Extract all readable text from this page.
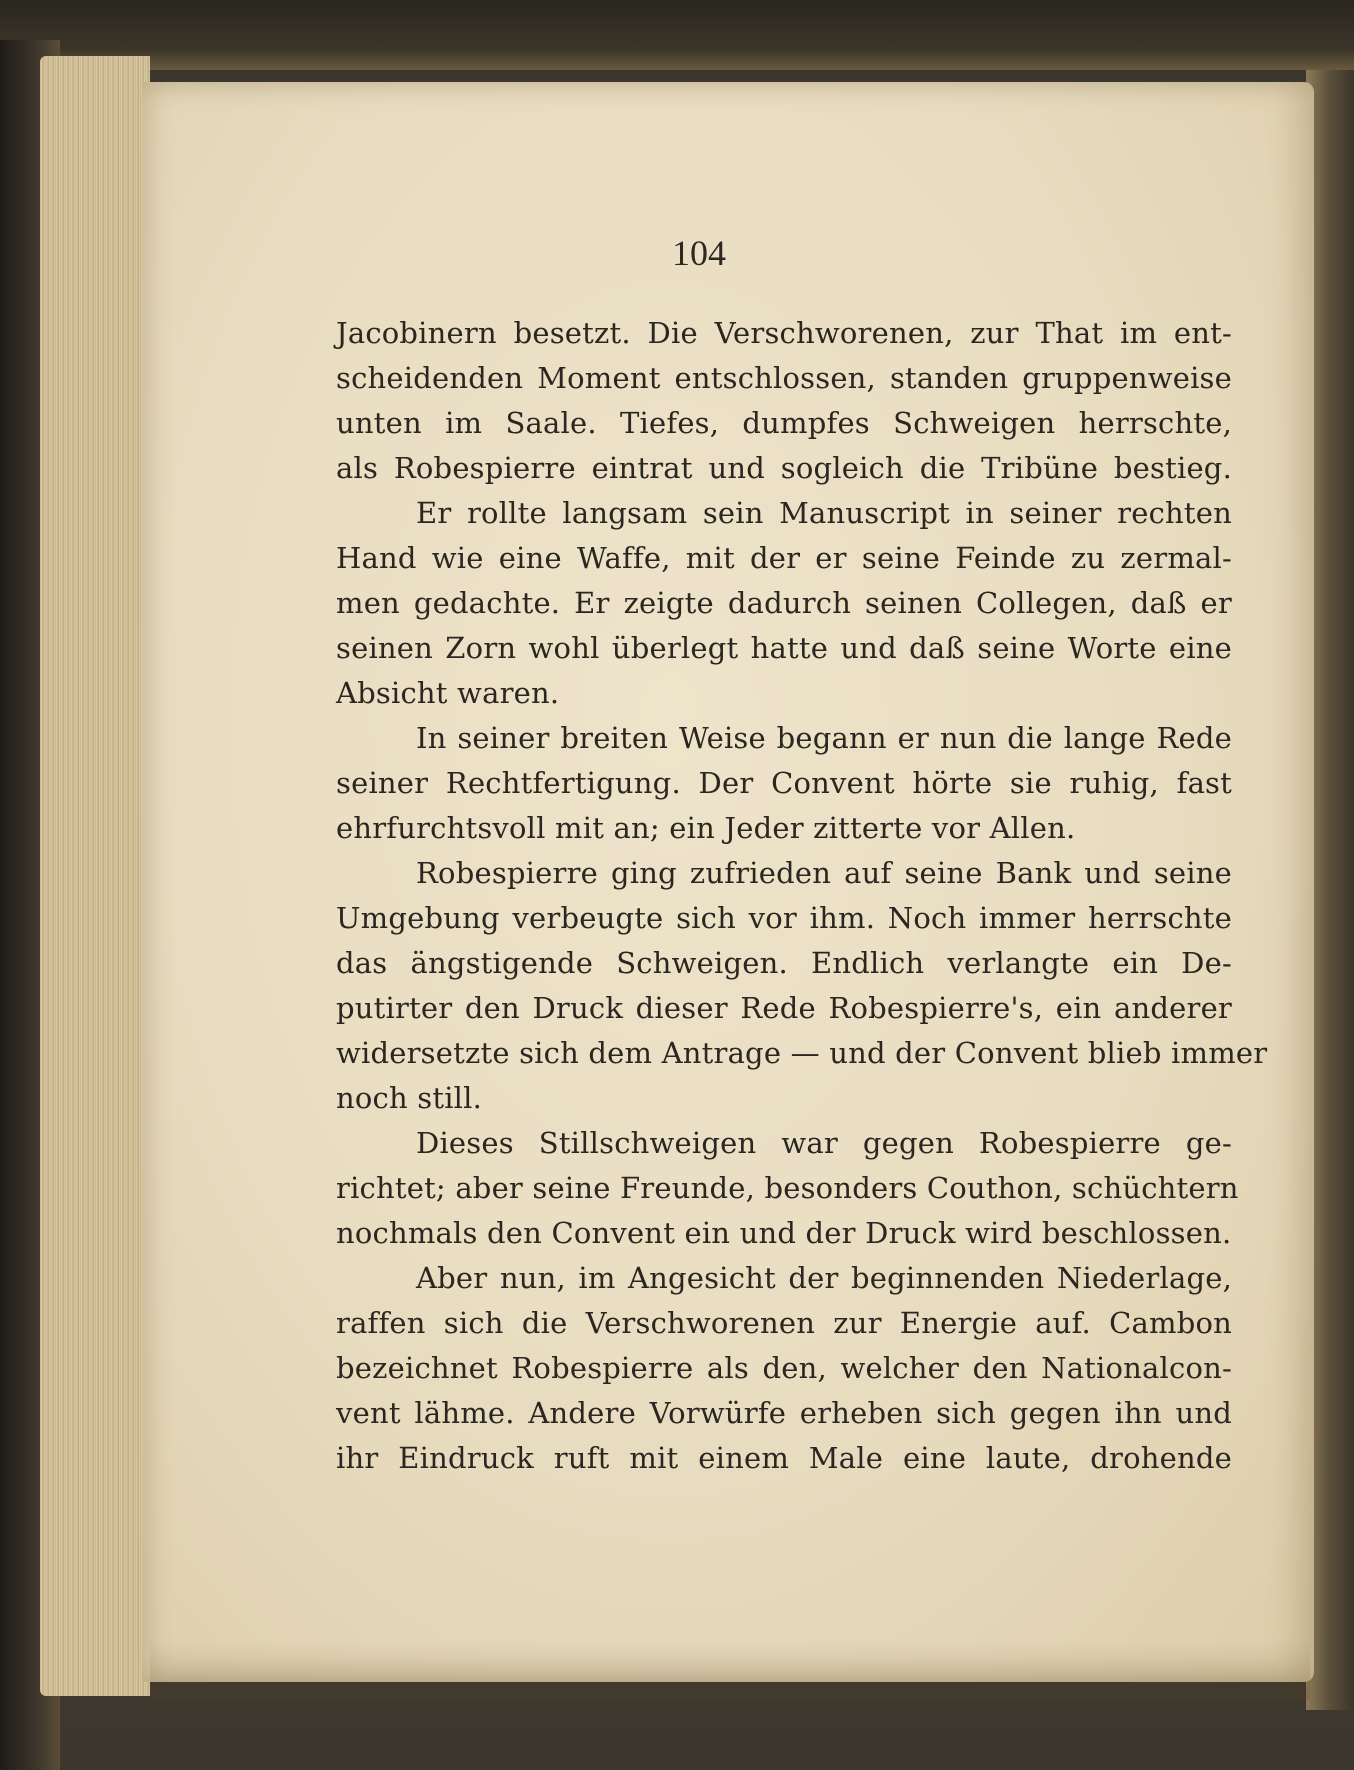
104
Jacobinern besetzt. Die Verschworenen, zur That im ent-
scheidenden Moment entschlossen, standen gruppenweise
unten im Saale. Tiefes, dumpfes Schweigen herrschte,
als Robespierre eintrat und sogleich die Tribüne bestieg.
Er rollte langsam sein Manuscript in seiner rechten
Hand wie eine Waffe, mit der er seine Feinde zu zermal-
men gedachte. Er zeigte dadurch seinen Collegen, daß er
seinen Zorn wohl überlegt hatte und daß seine Worte eine
Absicht waren.
In seiner breiten Weise begann er nun die lange Rede
seiner Rechtfertigung. Der Convent hörte sie ruhig, fast
ehrfurchtsvoll mit an; ein Jeder zitterte vor Allen.
Robespierre ging zufrieden auf seine Bank und seine
Umgebung verbeugte sich vor ihm. Noch immer herrschte
das ängstigende Schweigen. Endlich verlangte ein De-
putirter den Druck dieser Rede Robespierre's, ein anderer
widersetzte sich dem Antrage — und der Convent blieb immer
noch still.
Dieses Stillschweigen war gegen Robespierre ge-
richtet; aber seine Freunde, besonders Couthon, schüchtern
nochmals den Convent ein und der Druck wird beschlossen.
Aber nun, im Angesicht der beginnenden Niederlage,
raffen sich die Verschworenen zur Energie auf. Cambon
bezeichnet Robespierre als den, welcher den Nationalcon-
vent lähme. Andere Vorwürfe erheben sich gegen ihn und
ihr Eindruck ruft mit einem Male eine laute, drohende
